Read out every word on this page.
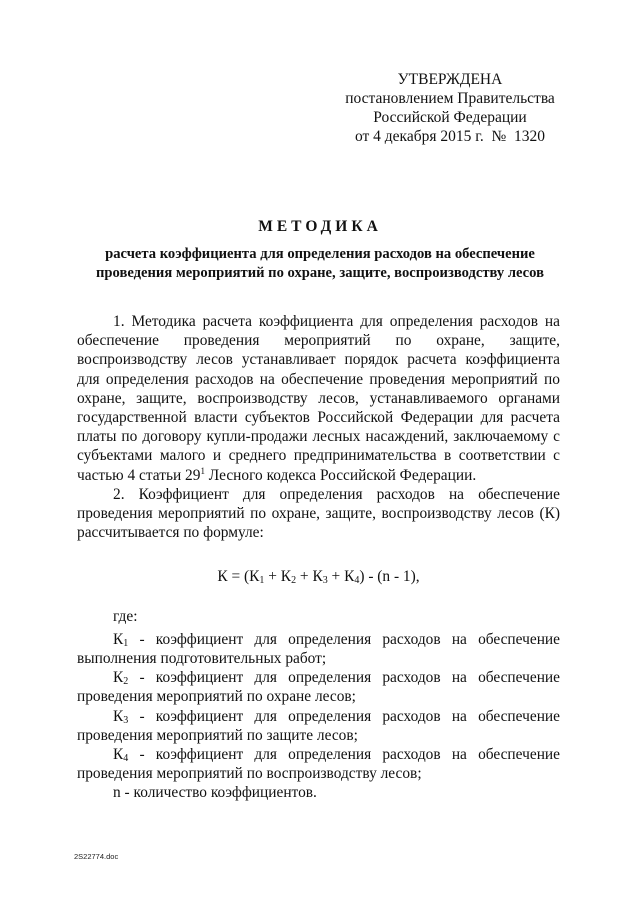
УТВЕРЖДЕНА
постановлением Правительства
Российской Федерации
от 4 декабря 2015 г.  №  1320
МЕТОДИКА
расчета коэффициента для определения расходов на обеспечение
проведения мероприятий по охране, защите, воспроизводству лесов

1. Методика расчета коэффициента для определения расходов на обеспечение проведения мероприятий по охране, защите, воспроизводству лесов устанавливает порядок расчета коэффициента для определения расходов на обеспечение проведения мероприятий по охране, защите, воспроизводству лесов, устанавливаемого органами государственной власти субъектов Российской Федерации для расчета платы по договору купли-продажи лесных насаждений, заключаемому с субъектами малого и среднего предпринимательства в соответствии с частью 4 статьи $29^1$ Лесного кодекса Российской Федерации.

2. Коэффициент для определения расходов на обеспечение проведения мероприятий по охране, защите, воспроизводству лесов (К) рассчитывается по формуле:

$К = (К_1 + К_2 + К_3 + К_4) - (n - 1)$,

где:

$К_1$ - коэффициент для определения расходов на обеспечение выполнения подготовительных работ;

$К_2$ - коэффициент для определения расходов на обеспечение проведения мероприятий по охране лесов;

$К_3$ - коэффициент для определения расходов на обеспечение проведения мероприятий по защите лесов;

$К_4$ - коэффициент для определения расходов на обеспечение проведения мероприятий по воспроизводству лесов;

n - количество коэффициентов.

2S22774.doc
